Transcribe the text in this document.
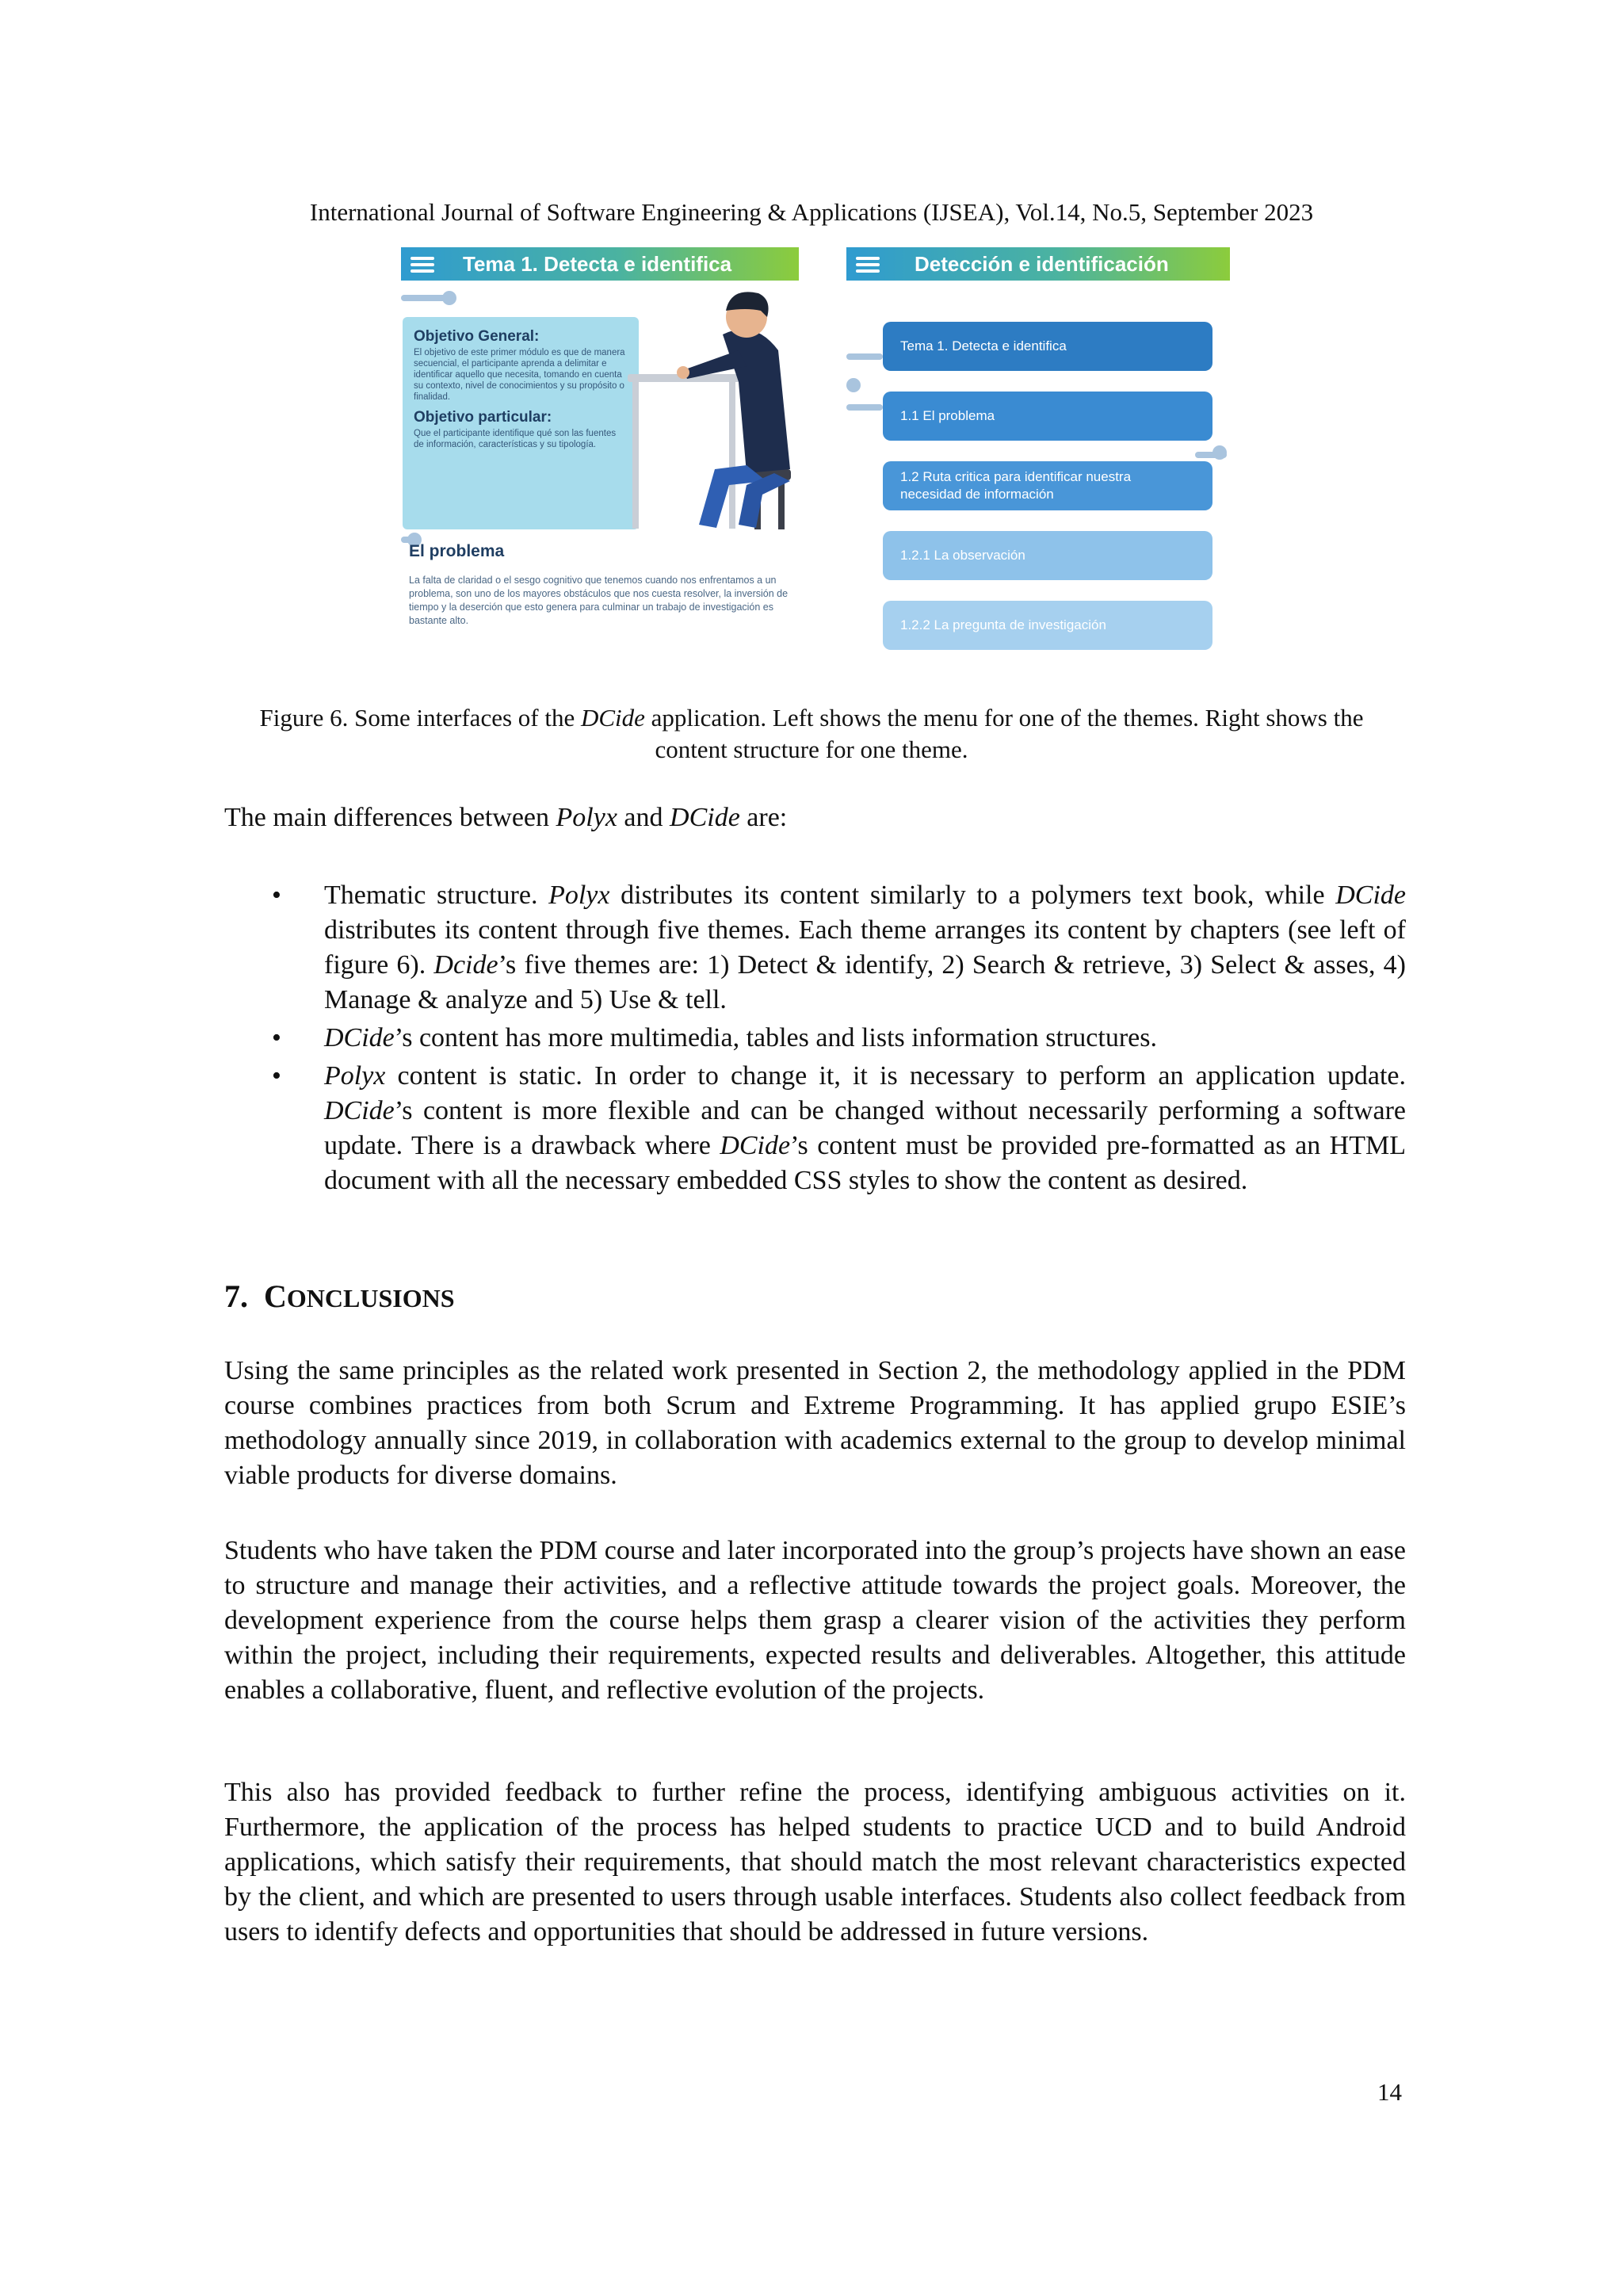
International Journal of Software Engineering & Applications (IJSEA), Vol.14, No.5, September 2023
Tema 1. Detecta e identifica
Objetivo General:
El objetivo de este primer módulo es que de manera secuencial, el participante aprenda a delimitar e identificar aquello que necesita, tomando en cuenta su contexto, nivel de conocimientos y su propósito o finalidad.
Objetivo particular:
Que el participante identifique qué son las fuentes de información, características y su tipología.
El problema
La falta de claridad o el sesgo cognitivo que tenemos cuando nos enfrentamos a un problema, son uno de los mayores obstáculos que nos cuesta resolver, la inversión de tiempo y la deserción que esto genera para culminar un trabajo de investigación es bastante alto.
Detección e identificación
Tema 1. Detecta e identifica
1.1 El problema
1.2 Ruta critica para identificar nuestra necesidad de información
1.2.1 La observación
1.2.2 La pregunta de investigación
Figure 6. Some interfaces of the DCide application. Left shows the menu for one of the themes. Right shows the content structure for one theme.
The main differences between Polyx and DCide are:
• Thematic structure. Polyx distributes its content similarly to a polymers text book, while DCide distributes its content through five themes. Each theme arranges its content by chapters (see left of figure 6). Dcide’s five themes are: 1) Detect & identify, 2) Search & retrieve, 3) Select & asses, 4) Manage & analyze and 5) Use & tell.
• DCide’s content has more multimedia, tables and lists information structures.
• Polyx content is static. In order to change it, it is necessary to perform an application update. DCide’s content is more flexible and can be changed without necessarily performing a software update. There is a drawback where DCide’s content must be provided pre-formatted as an HTML document with all the necessary embedded CSS styles to show the content as desired.
7. CONCLUSIONS
Using the same principles as the related work presented in Section 2, the methodology applied in the PDM course combines practices from both Scrum and Extreme Programming. It has applied grupo ESIE’s methodology annually since 2019, in collaboration with academics external to the group to develop minimal viable products for diverse domains.
Students who have taken the PDM course and later incorporated into the group’s projects have shown an ease to structure and manage their activities, and a reflective attitude towards the project goals. Moreover, the development experience from the course helps them grasp a clearer vision of the activities they perform within the project, including their requirements, expected results and deliverables. Altogether, this attitude enables a collaborative, fluent, and reflective evolution of the projects.
This also has provided feedback to further refine the process, identifying ambiguous activities on it. Furthermore, the application of the process has helped students to practice UCD and to build Android applications, which satisfy their requirements, that should match the most relevant characteristics expected by the client, and which are presented to users through usable interfaces. Students also collect feedback from users to identify defects and opportunities that should be addressed in future versions.
14
